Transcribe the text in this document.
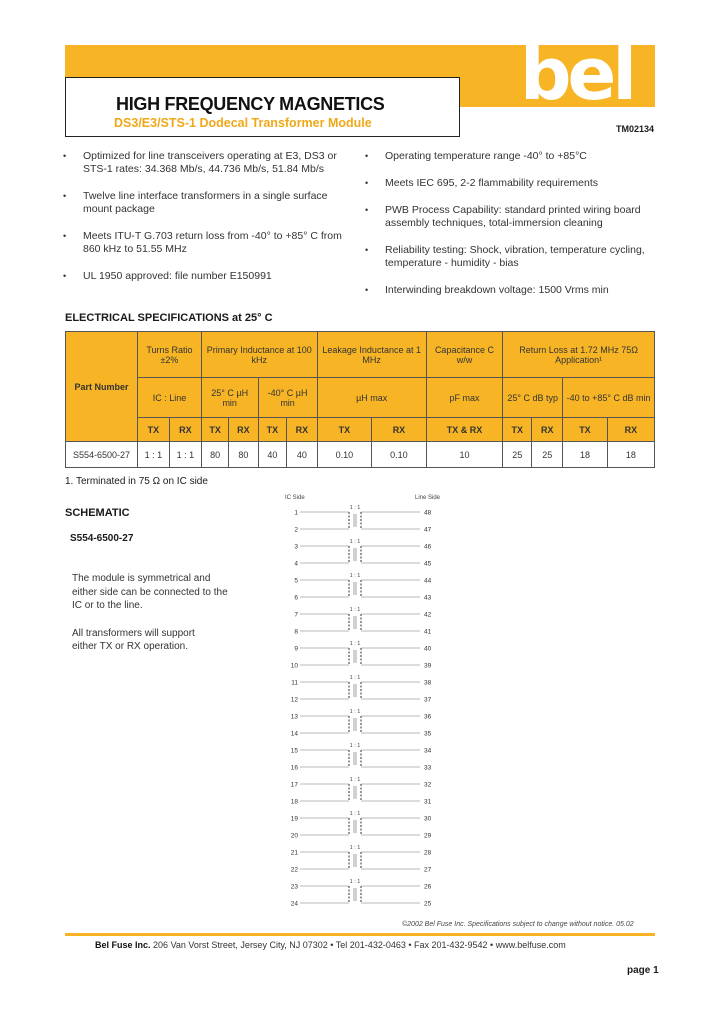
bel
HIGH FREQUENCY MAGNETICS
DS3/E3/STS-1 Dodecal Transformer Module	TM02134
• Optimized for line transceivers operating at E3, DS3 or STS-1 rates: 34.368 Mb/s, 44.736 Mb/s, 51.84 Mb/s
• Twelve line interface transformers in a single surface mount package
• Meets ITU-T G.703 return loss from -40° to +85° C from 860 kHz to 51.55 MHz
• UL 1950 approved: file number E150991
• Operating temperature range -40° to +85°C
• Meets IEC 695, 2-2 flammability requirements
• PWB Process Capability: standard printed wiring board assembly techniques, total-immersion cleaning
• Reliability testing: Shock, vibration, temperature cycling, temperature - humidity - bias
• Interwinding breakdown voltage: 1500 Vrms min
ELECTRICAL SPECIFICATIONS at 25° C
Part Number	Turns Ratio ±2%		Primary Inductance at 100 kHz				Leakage Inductance at 1 MHz		Capacitance C w/w	Return Loss at 1.72 MHz 75Ω Application¹			
	IC : Line		25° C µH min		-40° C µH min		µH max		pF max	25° C dB typ		-40 to +85° C dB min	
	TX	RX	TX	RX	TX	RX	TX	RX	TX & RX	TX	RX	TX	RX
S554-6500-27	1 : 1	1 : 1	80	80	40	40	0.10	0.10	10	25	25	18	18
1. Terminated in 75 Ω on IC side
SCHEMATIC
S554-6500-27

The module is symmetrical and either side can be connected to the IC or to the line.

All transformers will support either TX or RX operation.

IC Side	Line Side
1	48
2	47
3	46
4	45
5	44
6	43
7	42
8	41
9	40
10	39
11	38
12	37
13	36
14	35
15	34
16	33
17	32
18	31
19	30
20	29
21	28
22	27
23	26
24	25
1 : 1
1 : 1
1 : 1
1 : 1
1 : 1
1 : 1
1 : 1
1 : 1
1 : 1
1 : 1
1 : 1
1 : 1
©2002 Bel Fuse Inc. Specifications subject to change without notice. 05.02
Bel Fuse Inc. 206 Van Vorst Street, Jersey City, NJ 07302 • Tel 201-432-0463 • Fax 201-432-9542 • www.belfuse.com
page 1
